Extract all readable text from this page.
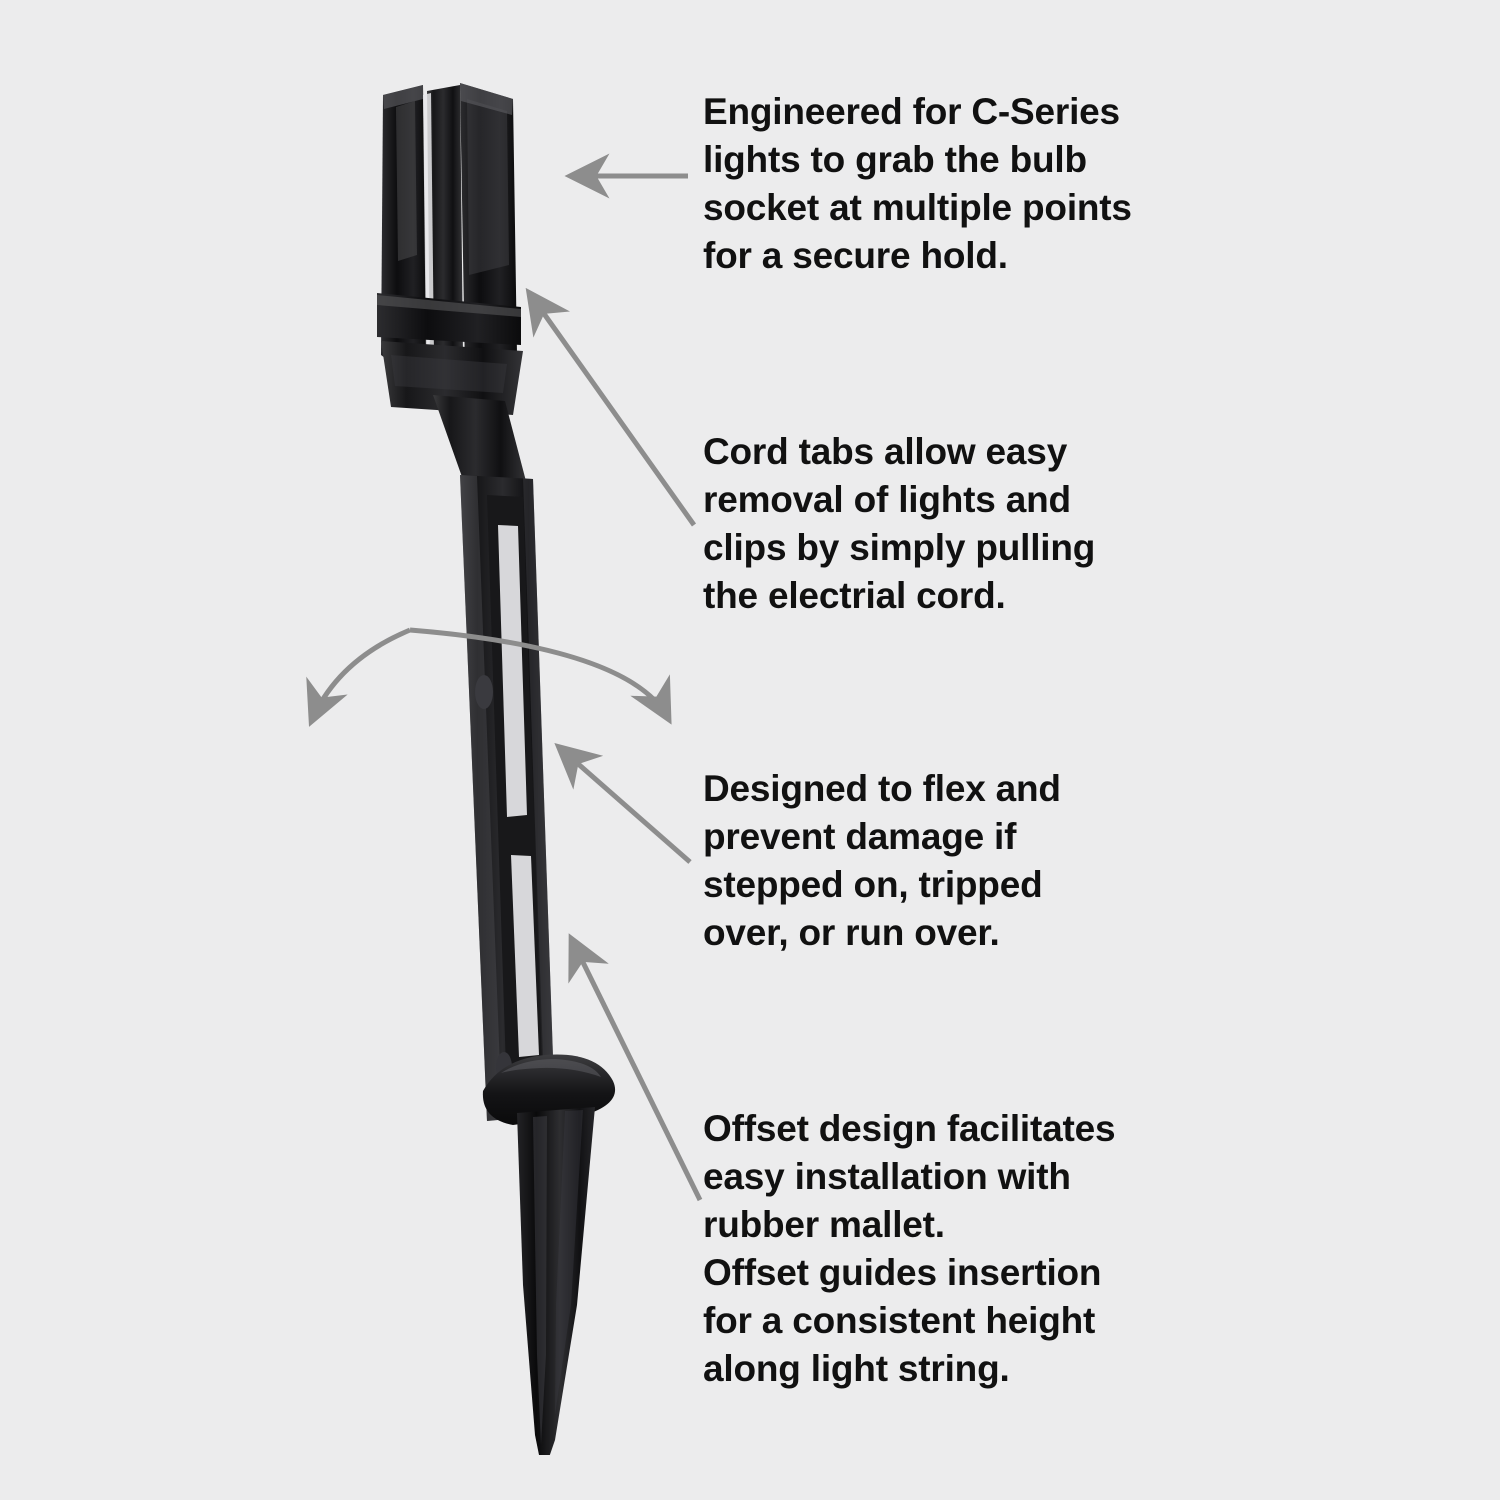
Engineered for C-Series

lights to grab the bulb

socket at multiple points

for a secure hold.

Cord tabs allow easy

removal of lights and

clips by simply pulling

the electrial cord.

Designed to flex and

prevent damage if

stepped on, tripped

over, or run over.

Offset design facilitates

easy installation with

rubber mallet.

Offset guides insertion

for a consistent height

along light string.
